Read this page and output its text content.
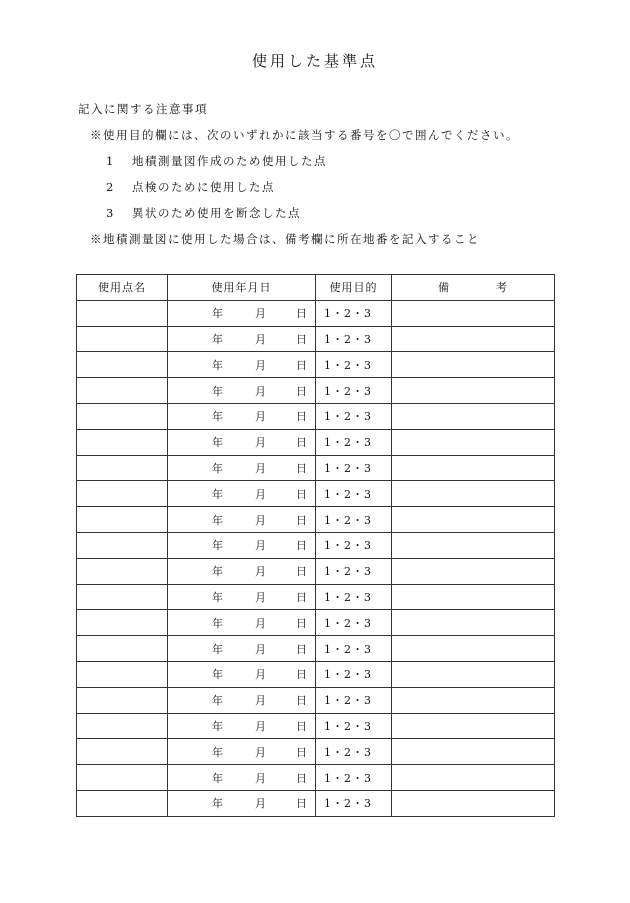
使用した基準点
記入に関する注意事項
※使用目的欄には、次のいずれかに該当する番号を〇で囲んでください。
1 地積測量図作成のため使用した点
2 点検のために使用した点
3 異状のため使用を断念した点
※地積測量図に使用した場合は、備考欄に所在地番を記入すること
使用点名	使用年月日	使用目的	備 考

	年 月 日	1・2・3	

	年 月 日	1・2・3	

	年 月 日	1・2・3	

	年 月 日	1・2・3	

	年 月 日	1・2・3	

	年 月 日	1・2・3	

	年 月 日	1・2・3	

	年 月 日	1・2・3	

	年 月 日	1・2・3	

	年 月 日	1・2・3	

	年 月 日	1・2・3	

	年 月 日	1・2・3	

	年 月 日	1・2・3	

	年 月 日	1・2・3	

	年 月 日	1・2・3	

	年 月 日	1・2・3	

	年 月 日	1・2・3	

	年 月 日	1・2・3	

	年 月 日	1・2・3	

	年 月 日	1・2・3	
